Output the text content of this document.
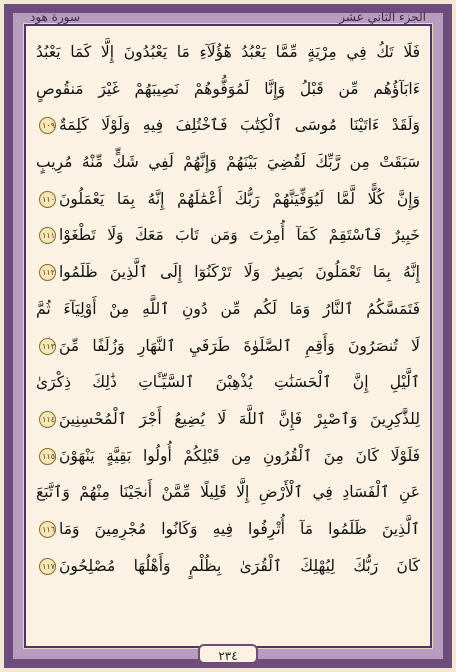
الجزء الثاني عشر
سورة هود
فَلَا تَكُ فِي مِرْيَةٍ مِّمَّا يَعْبُدُ هَٰٓؤُلَآءِ مَا يَعْبُدُونَ إِلَّا كَمَا يَعْبُدُ
ءَابَآؤُهُم مِّن قَبْلُ وَإِنَّا لَمُوَفُّوهُمْ نَصِيبَهُمْ غَيْرَ مَنقُوصٍ
وَلَقَدْ ءَاتَيْنَا مُوسَى ٱلْكِتَٰبَ فَٱخْتُلِفَ فِيهِ وَلَوْلَا كَلِمَةٌ١٠٩
سَبَقَتْ مِن رَّبِّكَ لَقُضِيَ بَيْنَهُمْ وَإِنَّهُمْ لَفِي شَكٍّ مِّنْهُ مُرِيبٍ
وَإِنَّ كُلًّا لَّمَّا لَيُوَفِّيَنَّهُمْ رَبُّكَ أَعْمَٰلَهُمْ إِنَّهُ بِمَا يَعْمَلُونَ١١٠
خَبِيرٌ فَٱسْتَقِمْ كَمَآ أُمِرْتَ وَمَن تَابَ مَعَكَ وَلَا تَطْغَوْا١١١
إِنَّهُ بِمَا تَعْمَلُونَ بَصِيرٌ وَلَا تَرْكَنُوٓا إِلَى ٱلَّذِينَ ظَلَمُوا١١٢
فَتَمَسَّكُمُ ٱلنَّارُ وَمَا لَكُم مِّن دُونِ ٱللَّهِ مِنْ أَوْلِيَآءَ ثُمَّ
لَا تُنصَرُونَ وَأَقِمِ ٱلصَّلَوٰةَ طَرَفَيِ ٱلنَّهَارِ وَزُلَفًا مِّنَ١١٣
ٱلَّيْلِ إِنَّ ٱلْحَسَنَٰتِ يُذْهِبْنَ ٱلسَّيِّـَٔاتِ ذَٰلِكَ ذِكْرَىٰ
لِلذَّٰكِرِينَ وَٱصْبِرْ فَإِنَّ ٱللَّهَ لَا يُضِيعُ أَجْرَ ٱلْمُحْسِنِينَ١١٤
فَلَوْلَا كَانَ مِنَ ٱلْقُرُونِ مِن قَبْلِكُمْ أُولُوا بَقِيَّةٍ يَنْهَوْنَ١١٥
عَنِ ٱلْفَسَادِ فِي ٱلْأَرْضِ إِلَّا قَلِيلًا مِّمَّنْ أَنجَيْنَا مِنْهُمْ وَٱتَّبَعَ
ٱلَّذِينَ ظَلَمُوا مَآ أُتْرِفُوا فِيهِ وَكَانُوا مُجْرِمِينَ وَمَا١١٦
كَانَ رَبُّكَ لِيُهْلِكَ ٱلْقُرَىٰ بِظُلْمٍ وَأَهْلُهَا مُصْلِحُونَ١١٧
٢٣٤
